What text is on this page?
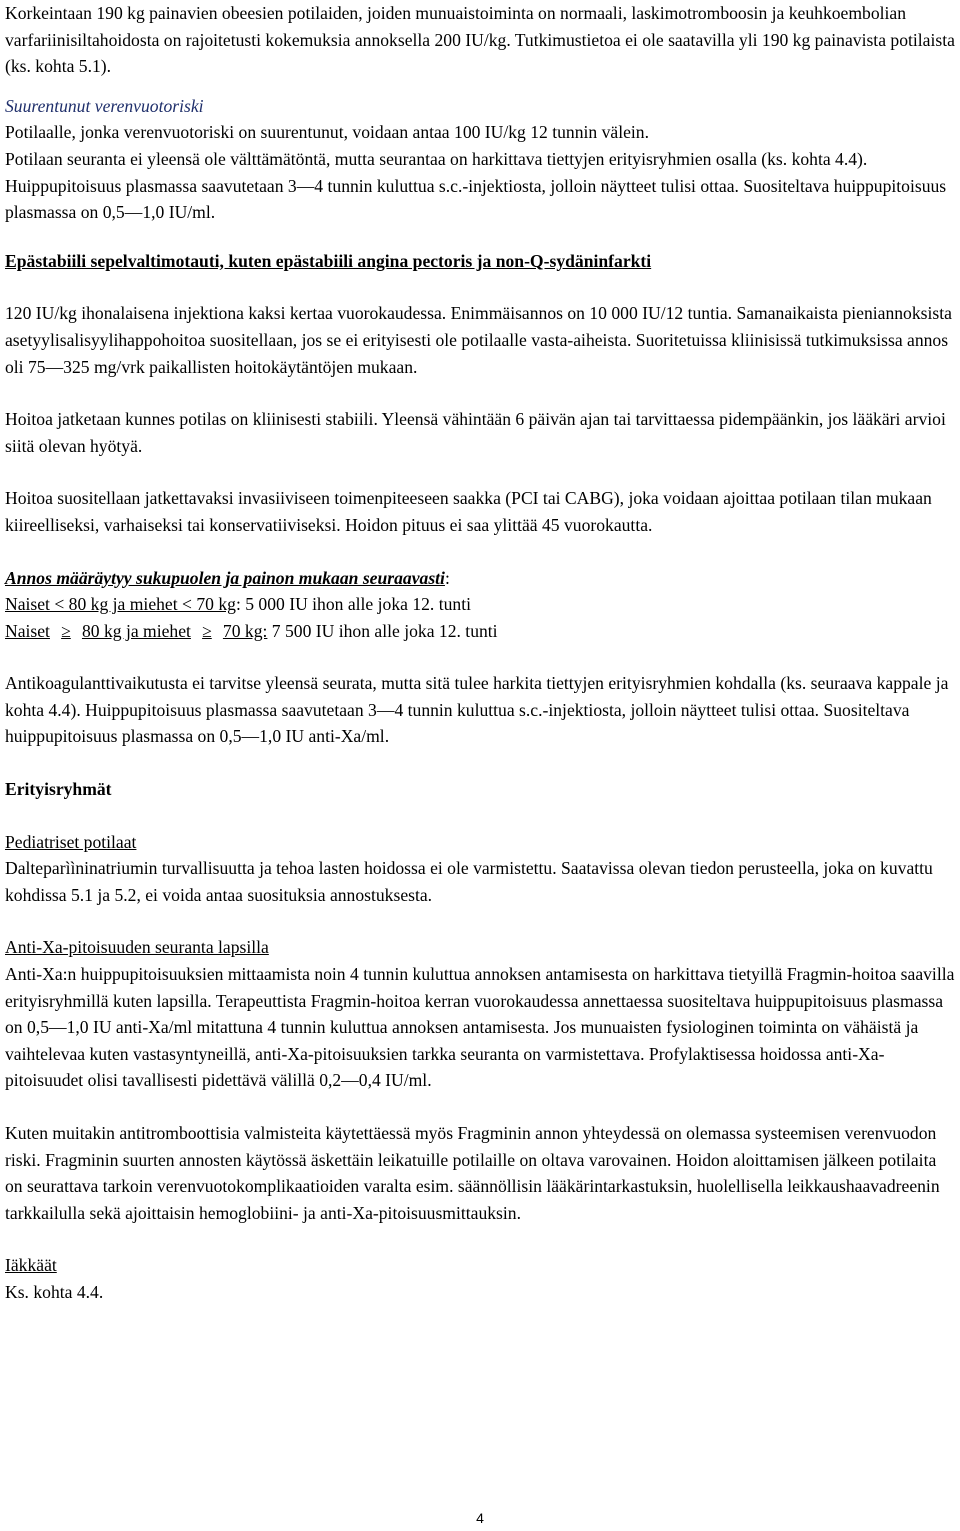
Korkeintaan 190 kg painavien obeesien potilaiden, joiden munuaistoiminta on normaali, laskimotromboosin ja keuhkoembolian varfariinisiltahoidosta on rajoitetusti kokemuksia annoksella 200 IU/kg. Tutkimustietoa ei ole saatavilla yli 190 kg painavista potilaista (ks. kohta 5.1).

Suurentunut verenvuotoriski

Potilaalle, jonka verenvuotoriski on suurentunut, voidaan antaa 100 IU/kg 12 tunnin välein.

Potilaan seuranta ei yleensä ole välttämätöntä, mutta seurantaa on harkittava tiettyjen erityisryhmien osalla (ks. kohta 4.4). Huippupitoisuus plasmassa saavutetaan 3—4 tunnin kuluttua s.c.-injektiosta, jolloin näytteet tulisi ottaa. Suositeltava huippupitoisuus plasmassa on 0,5—1,0 IU/ml.

Epästabiili sepelvaltimotauti, kuten epästabiili angina pectoris ja non-Q-sydäninfarkti

120 IU/kg ihonalaisena injektiona kaksi kertaa vuorokaudessa. Enimmäisannos on 10 000 IU/12 tuntia. Samanaikaista pieniannoksista asetyylisalisyylihappohoitoa suositellaan, jos se ei erityisesti ole potilaalle vasta-aiheista. Suoritetuissa kliinisissä tutkimuksissa annos oli 75—325 mg/vrk paikallisten hoitokäytäntöjen mukaan.

Hoitoa jatketaan kunnes potilas on kliinisesti stabiili. Yleensä vähintään 6 päivän ajan tai tarvittaessa pidempäänkin, jos lääkäri arvioi siitä olevan hyötyä.

Hoitoa suositellaan jatkettavaksi invasiiviseen toimenpiteeseen saakka (PCI tai CABG), joka voidaan ajoittaa potilaan tilan mukaan kiireelliseksi, varhaiseksi tai konservatiiviseksi. Hoidon pituus ei saa ylittää 45 vuorokautta.

Annos määräytyy sukupuolen ja painon mukaan seuraavasti:

Naiset < 80 kg ja miehet < 70 kg: 5 000 IU ihon alle joka 12. tunti

Naiset ≥ 80 kg ja miehet ≥ 70 kg: 7 500 IU ihon alle joka 12. tunti

Antikoagulanttivaikutusta ei tarvitse yleensä seurata, mutta sitä tulee harkita tiettyjen erityisryhmien kohdalla (ks. seuraava kappale ja kohta 4.4). Huippupitoisuus plasmassa saavutetaan 3—4 tunnin kuluttua s.c.-injektiosta, jolloin näytteet tulisi ottaa. Suositeltava huippupitoisuus plasmassa on 0,5—1,0 IU anti-Xa/ml.

Erityisryhmät

Pediatriset potilaat

Dalteparììninatriumin turvallisuutta ja tehoa lasten hoidossa ei ole varmistettu. Saatavissa olevan tiedon perusteella, joka on kuvattu kohdissa 5.1 ja 5.2, ei voida antaa suosituksia annostuksesta.

Anti-Xa-pitoisuuden seuranta lapsilla

Anti-Xa:n huippupitoisuuksien mittaamista noin 4 tunnin kuluttua annoksen antamisesta on harkittava tietyillä Fragmin-hoitoa saavilla erityisryhmillä kuten lapsilla. Terapeuttista Fragmin-hoitoa kerran vuorokaudessa annettaessa suositeltava huippupitoisuus plasmassa on 0,5—1,0 IU anti-Xa/ml mitattuna 4 tunnin kuluttua annoksen antamisesta. Jos munuaisten fysiologinen toiminta on vähäistä ja vaihtelevaa kuten vastasyntyneillä, anti-Xa-pitoisuuksien tarkka seuranta on varmistettava. Profylaktisessa hoidossa anti-Xa-pitoisuudet olisi tavallisesti pidettävä välillä 0,2—0,4 IU/ml.

Kuten muitakin antitromboottisia valmisteita käytettäessä myös Fragminin annon yhteydessä on olemassa systeemisen verenvuodon riski. Fragminin suurten annosten käytössä äskettäin leikatuille potilaille on oltava varovainen. Hoidon aloittamisen jälkeen potilaita on seurattava tarkoin verenvuotokomplikaatioiden varalta esim. säännöllisin lääkärintarkastuksin, huolellisella leikkaushaavadreenin tarkkailulla sekä ajoittaisin hemoglobiini- ja anti-Xa-pitoisuusmittauksin.

Iäkkäät

Ks. kohta 4.4.

4
